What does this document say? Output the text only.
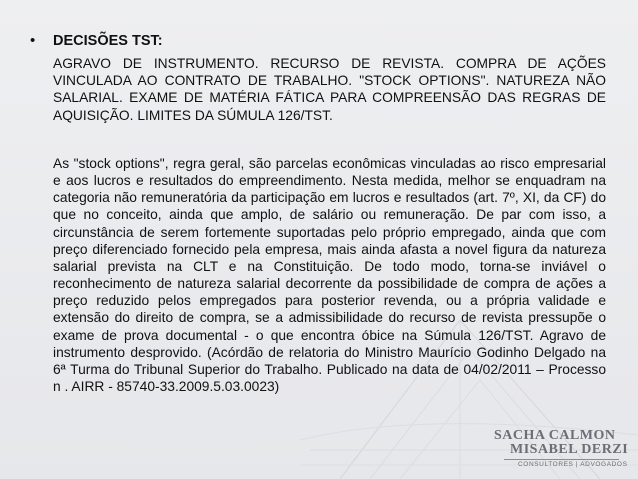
• DECISÕES TST:

AGRAVO DE INSTRUMENTO. RECURSO DE REVISTA. COMPRA DE AÇÕES VINCULADA AO CONTRATO DE TRABALHO. "STOCK OPTIONS". NATUREZA NÃO SALARIAL. EXAME DE MATÉRIA FÁTICA PARA COMPREENSÃO DAS REGRAS DE AQUISIÇÃO. LIMITES DA SÚMULA 126/TST.

As "stock options", regra geral, são parcelas econômicas vinculadas ao risco empresarial e aos lucros e resultados do empreendimento. Nesta medida, melhor se enquadram na categoria não remuneratória da participação em lucros e resultados (art. 7º, XI, da CF) do que no conceito, ainda que amplo, de salário ou remuneração. De par com isso, a circunstância de serem fortemente suportadas pelo próprio empregado, ainda que com preço diferenciado fornecido pela empresa, mais ainda afasta a novel figura da natureza salarial prevista na CLT e na Constituição. De todo modo, torna-se inviável o reconhecimento de natureza salarial decorrente da possibilidade de compra de ações a preço reduzido pelos empregados para posterior revenda, ou a própria validade e extensão do direito de compra, se a admissibilidade do recurso de revista pressupõe o exame de prova documental - o que encontra óbice na Súmula 126/TST. Agravo de instrumento desprovido. (Acórdão de relatoria do Ministro Maurício Godinho Delgado na 6ª Turma do Tribunal Superior do Trabalho. Publicado na data de 04/02/2011 – Processo n . AIRR - 85740-33.2009.5.03.0023)

SACHA CALMON
MISABEL DERZI
CONSULTORES | ADVOGADOS
